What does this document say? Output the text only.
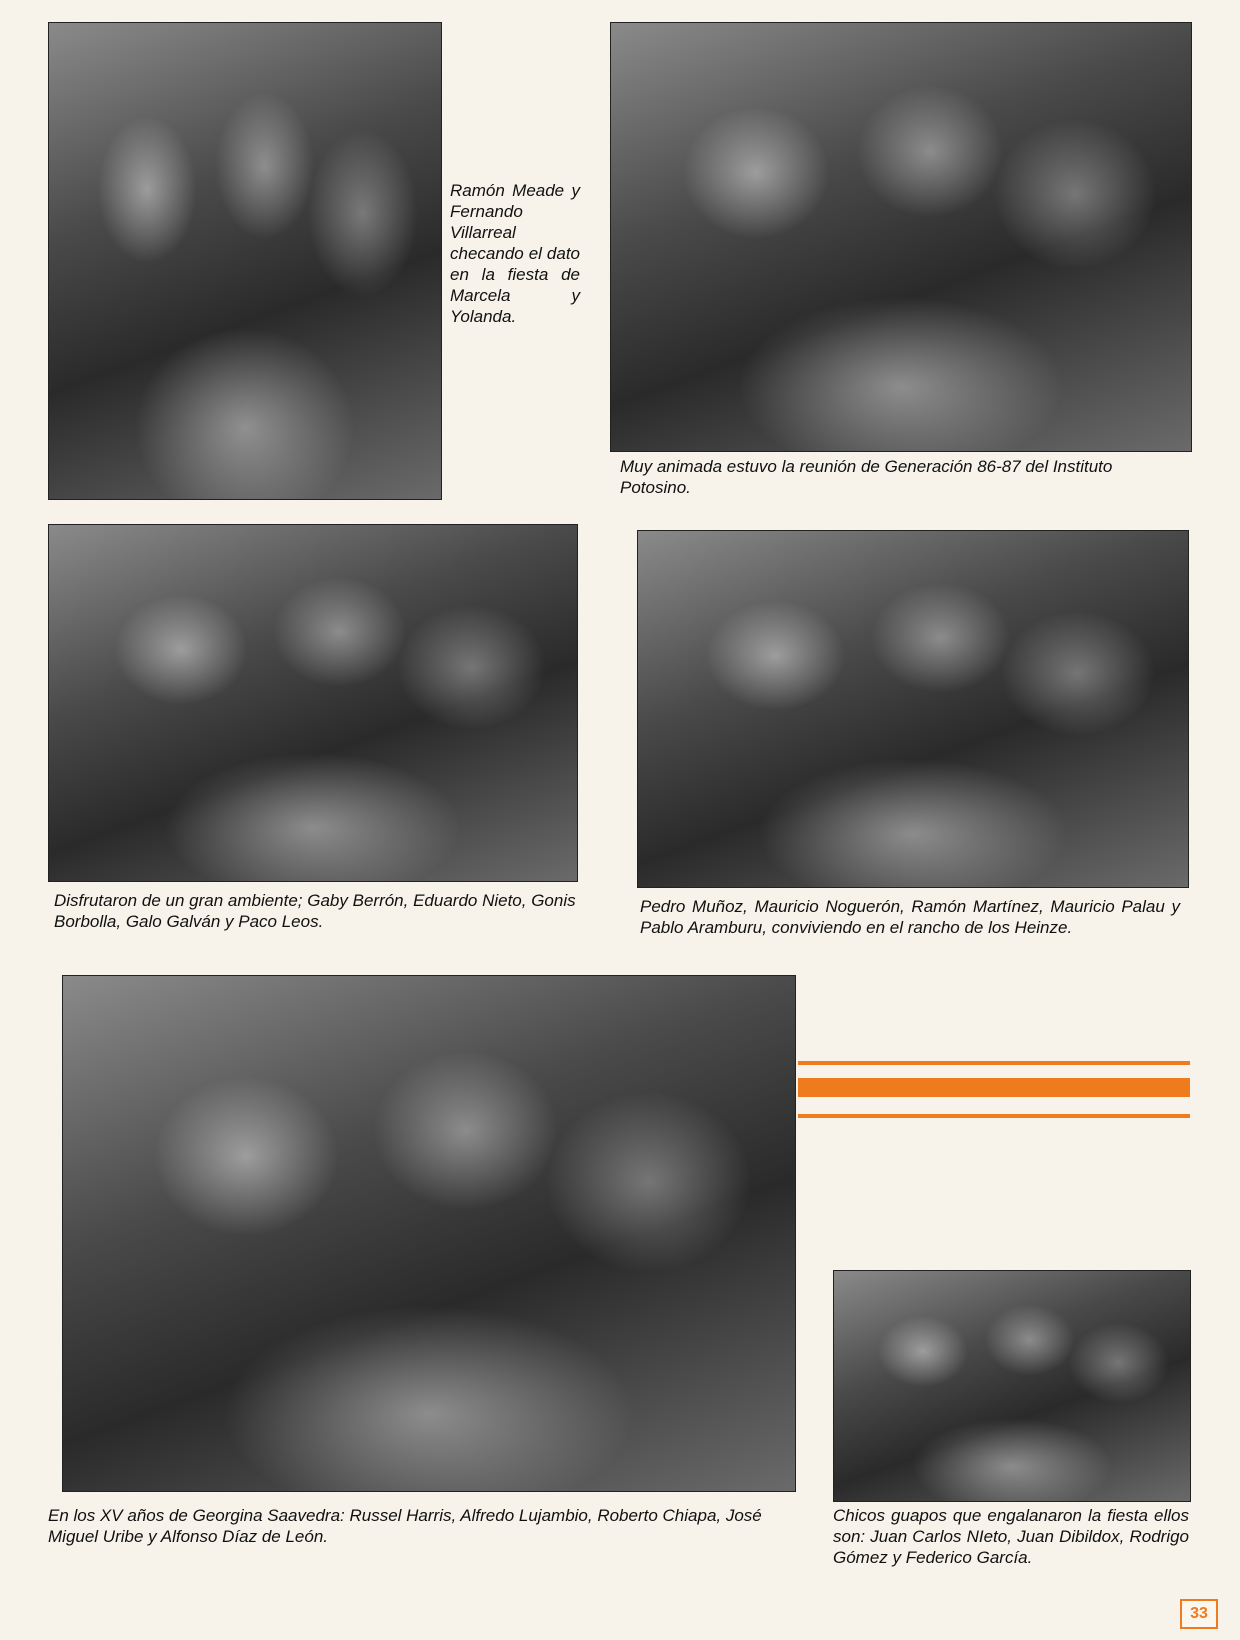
Ramón Meade y Fernando Villarreal checando el dato en la fiesta de Marcela y Yolanda.

Muy animada estuvo la reunión de Generación 86-87 del Instituto Potosino.

Disfrutaron de un gran ambiente; Gaby Berrón, Eduardo Nieto, Gonis Borbolla, Galo Galván y Paco Leos.

Pedro Muñoz, Mauricio Noguerón, Ramón Martínez, Mauricio Palau y Pablo Aramburu, conviviendo en el rancho de los Heinze.

En los XV años de Georgina Saavedra: Russel Harris, Alfredo Lujambio, Roberto Chiapa, José Miguel Uribe y Alfonso Díaz de León.

Chicos guapos que engalanaron la fiesta ellos son: Juan Carlos NIeto, Juan Dibildox, Rodrigo Gómez y Federico García.

33
